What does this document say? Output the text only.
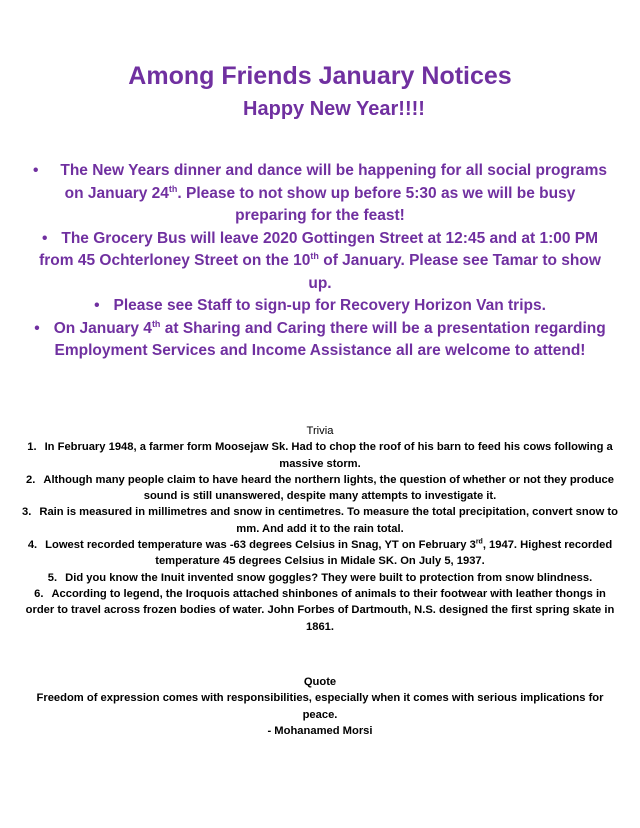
Among Friends January Notices
Happy New Year!!!!

• The New Years dinner and dance will be happening for all social programs on January 24th. Please to not show up before 5:30 as we will be busy preparing for the feast!

• The Grocery Bus will leave 2020 Gottingen Street at 12:45 and at 1:00 PM from 45 Ochterloney Street on the 10th of January. Please see Tamar to show up.

• Please see Staff to sign-up for Recovery Horizon Van trips.

• On January 4th at Sharing and Caring there will be a presentation regarding Employment Services and Income Assistance all are welcome to attend!

Trivia

1. In February 1948, a farmer form Moosejaw Sk. Had to chop the roof of his barn to feed his cows following a massive storm.

2. Although many people claim to have heard the northern lights, the question of whether or not they produce sound is still unanswered, despite many attempts to investigate it.

3. Rain is measured in millimetres and snow in centimetres. To measure the total precipitation, convert snow to mm. And add it to the rain total.

4. Lowest recorded temperature was -63 degrees Celsius in Snag, YT on February 3rd, 1947. Highest recorded temperature 45 degrees Celsius in Midale SK. On July 5, 1937.

5. Did you know the Inuit invented snow goggles? They were built to protection from snow blindness.

6. According to legend, the Iroquois attached shinbones of animals to their footwear with leather thongs in order to travel across frozen bodies of water. John Forbes of Dartmouth, N.S. designed the first spring skate in 1861.

Quote
Freedom of expression comes with responsibilities, especially when it comes with serious implications for peace.
- Mohanamed Morsi
